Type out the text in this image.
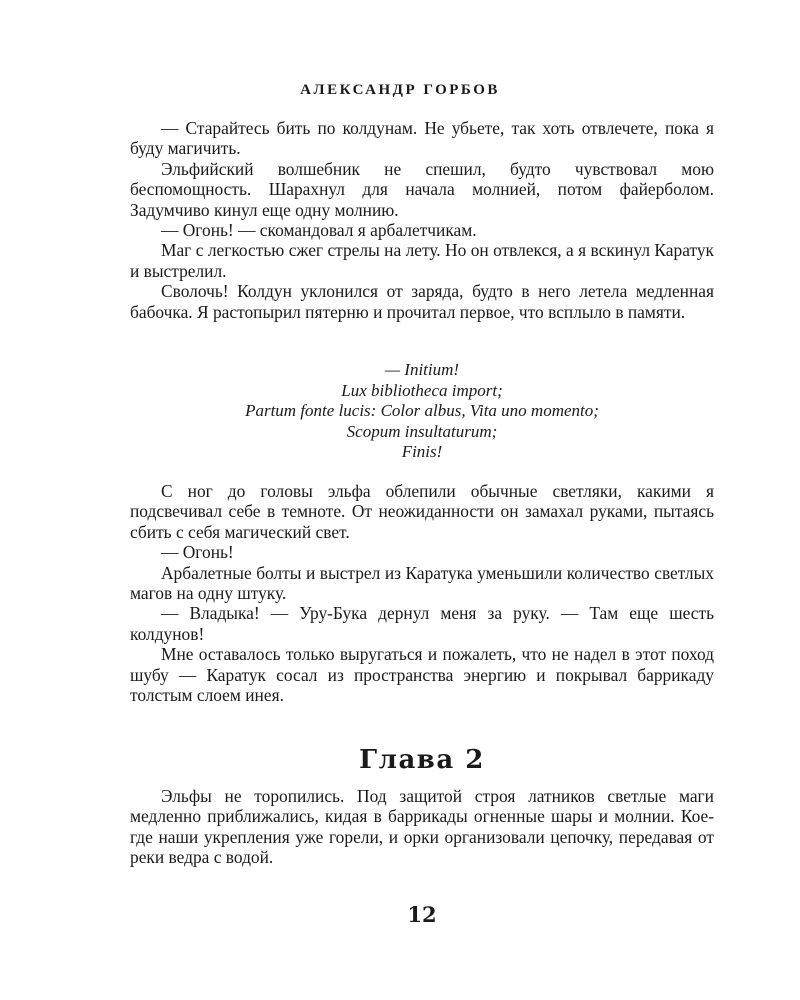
АЛЕКСАНДР ГОРБОВ

— Старайтесь бить по колдунам. Не убьете, так хоть отвлечете, пока я буду магичить.

Эльфийский волшебник не спешил, будто чувствовал мою беспомощность. Шарахнул для начала молнией, потом файерболом. Задумчиво кинул еще одну молнию.

— Огонь! — скомандовал я арбалетчикам.

Маг с легкостью сжег стрелы на лету. Но он отвлекся, а я вскинул Каратук и выстрелил.

Сволочь! Колдун уклонился от заряда, будто в него летела медленная бабочка. Я растопырил пятерню и прочитал первое, что всплыло в памяти.

— Initium!
Lux bibliotheca import;
Partum fonte lucis: Color albus, Vita uno momento;
Scopum insultaturum;
Finis!

С ног до головы эльфа облепили обычные светляки, какими я подсвечивал себе в темноте. От неожиданности он замахал руками, пытаясь сбить с себя магический свет.

— Огонь!

Арбалетные болты и выстрел из Каратука уменьшили количество светлых магов на одну штуку.

— Владыка! — Уру-Бука дернул меня за руку. — Там еще шесть колдунов!

Мне оставалось только выругаться и пожалеть, что не надел в этот поход шубу — Каратук сосал из пространства энергию и покрывал баррикаду толстым слоем инея.

Глава 2

Эльфы не торопились. Под защитой строя латников светлые маги медленно приближались, кидая в баррикады огненные шары и молнии. Кое-где наши укрепления уже горели, и орки организовали цепочку, передавая от реки ведра с водой.

12
